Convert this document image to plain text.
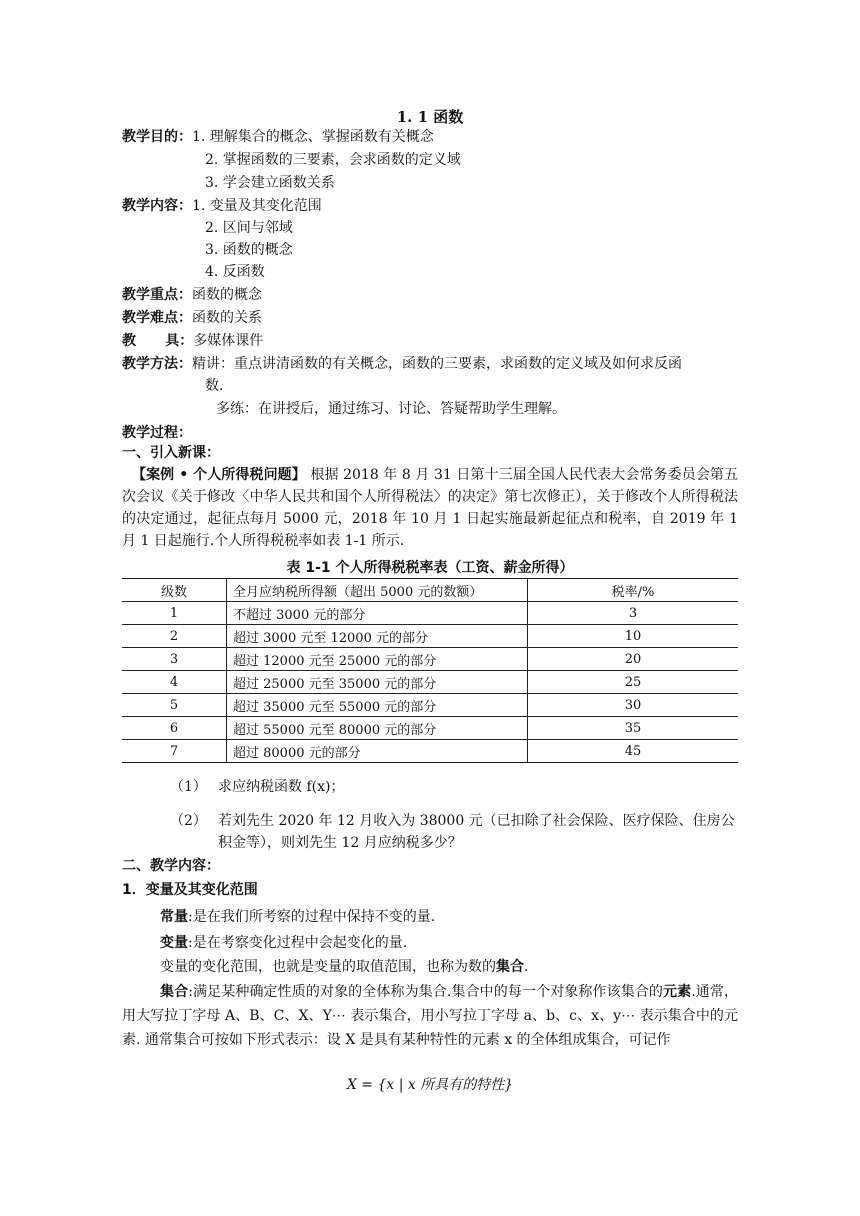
1. 1 函数
教学目的：1. 理解集合的概念、掌握函数有关概念
2. 掌握函数的三要素，会求函数的定义域
3. 学会建立函数关系
教学内容：1. 变量及其变化范围
2. 区间与邻域
3. 函数的概念
4. 反函数
教学重点：函数的概念
教学难点：函数的关系
教      具：多媒体课件
教学方法：精讲：重点讲清函数的有关概念，函数的三要素，求函数的定义域及如何求反函
数.
多练：在讲授后，通过练习、讨论、答疑帮助学生理解。
教学过程：
一、引入新课：
【案例 • 个人所得税问题】 根据 2018 年 8 月 31 日第十三届全国人民代表大会常务委员会第五次会议《关于修改〈中华人民共和国个人所得税法〉的决定》第七次修正），关于修改个人所得税法的决定通过，起征点每月 5000 元，2018 年 10 月 1 日起实施最新起征点和税率，自 2019 年 1 月 1 日起施行.个人所得税税率如表 1-1 所示.
表 1-1 个人所得税税率表（工资、薪金所得）
级数	全月应纳税所得额（超出 5000 元的数额）	税率/%
1	不超过 3000 元的部分	3
2	超过 3000 元至 12000 元的部分	10
3	超过 12000 元至 25000 元的部分	20
4	超过 25000 元至 35000 元的部分	25
5	超过 35000 元至 55000 元的部分	30
6	超过 55000 元至 80000 元的部分	35
7	超过 80000 元的部分	45
（1） 求应纳税函数 f(x)；
（2） 若刘先生 2020 年 12 月收入为 38000 元（已扣除了社会保险、医疗保险、住房公积金等），则刘先生 12 月应纳税多少？
二、教学内容：
1．变量及其变化范围
常量:是在我们所考察的过程中保持不变的量.
变量:是在考察变化过程中会起变化的量.
变量的变化范围，也就是变量的取值范围，也称为数的集合.
集合:满足某种确定性质的对象的全体称为集合.集合中的每一个对象称作该集合的元素.通常，用大写拉丁字母 A、B、C、X、Y⋯ 表示集合，用小写拉丁字母 a、b、c、x、y⋯ 表示集合中的元素. 通常集合可按如下形式表示：设 X 是具有某种特性的元素 x 的全体组成集合，可记作
X = {x | x 所具有的特性}
